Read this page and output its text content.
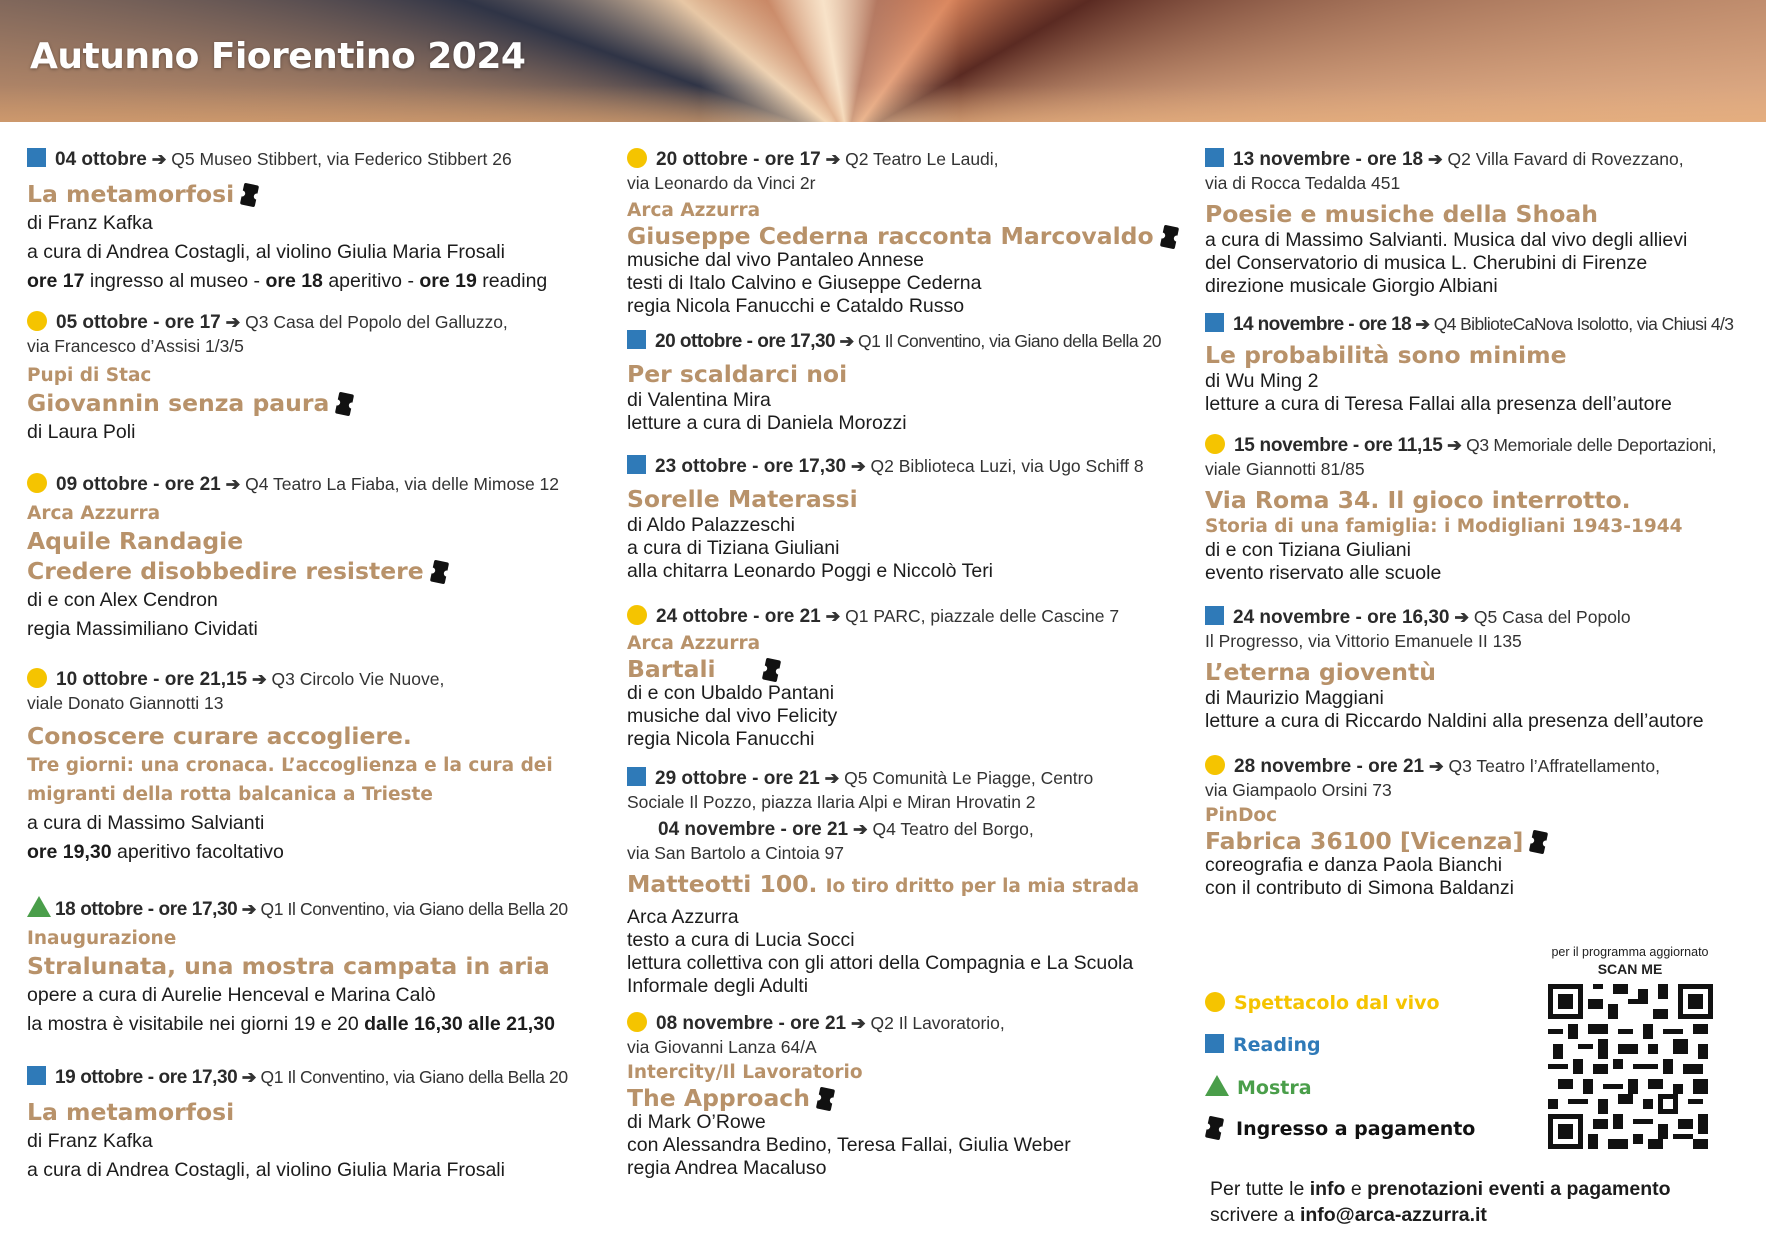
Autunno Fiorentino 2024
04 ottobre ➔ Q5 Museo Stibbert, via Federico Stibbert 26
La metamorfosi
di Franz Kafka
a cura di Andrea Costagli, al violino Giulia Maria Frosali
ore 17 ingresso al museo - ore 18 aperitivo - ore 19 reading
05 ottobre - ore 17 ➔ Q3 Casa del Popolo del Galluzzo,
via Francesco d’Assisi 1/3/5
Pupi di Stac
Giovannin senza paura
di Laura Poli
09 ottobre - ore 21 ➔ Q4 Teatro La Fiaba, via delle Mimose 12
Arca Azzurra
Aquile Randagie
Credere disobbedire resistere
di e con Alex Cendron
regia Massimiliano Cividati
10 ottobre - ore 21,15 ➔ Q3 Circolo Vie Nuove,
viale Donato Giannotti 13
Conoscere curare accogliere.
Tre giorni: una cronaca. L’accoglienza e la cura dei
migranti della rotta balcanica a Trieste
a cura di Massimo Salvianti
ore 19,30 aperitivo facoltativo
18 ottobre - ore 17,30 ➔ Q1 Il Conventino, via Giano della Bella 20
Inaugurazione
Stralunata, una mostra campata in aria
opere a cura di Aurelie Henceval e Marina Calò
la mostra è visitabile nei giorni 19 e 20 dalle 16,30 alle 21,30
19 ottobre - ore 17,30 ➔ Q1 Il Conventino, via Giano della Bella 20
La metamorfosi
di Franz Kafka
a cura di Andrea Costagli, al violino Giulia Maria Frosali
20 ottobre - ore 17 ➔ Q2 Teatro Le Laudi,
via Leonardo da Vinci 2r
Arca Azzurra
Giuseppe Cederna racconta Marcovaldo
musiche dal vivo Pantaleo Annese
testi di Italo Calvino e Giuseppe Cederna
regia Nicola Fanucchi e Cataldo Russo
20 ottobre - ore 17,30 ➔ Q1 Il Conventino, via Giano della Bella 20
Per scaldarci noi
di Valentina Mira
letture a cura di Daniela Morozzi
23 ottobre - ore 17,30 ➔ Q2 Biblioteca Luzi, via Ugo Schiff 8
Sorelle Materassi
di Aldo Palazzeschi
a cura di Tiziana Giuliani
alla chitarra Leonardo Poggi e Niccolò Teri
24 ottobre - ore 21 ➔ Q1 PARC, piazzale delle Cascine 7
Arca Azzurra
Bartali
di e con Ubaldo Pantani
musiche dal vivo Felicity
regia Nicola Fanucchi
29 ottobre - ore 21 ➔ Q5 Comunità Le Piagge, Centro
Sociale Il Pozzo, piazza Ilaria Alpi e Miran Hrovatin 2
04 novembre - ore 21 ➔ Q4 Teatro del Borgo,
via San Bartolo a Cintoia 97
Matteotti 100. Io tiro dritto per la mia strada
Arca Azzurra
testo a cura di Lucia Socci
lettura collettiva con gli attori della Compagnia e La Scuola
Informale degli Adulti
08 novembre - ore 21 ➔ Q2 Il Lavoratorio,
via Giovanni Lanza 64/A
Intercity/Il Lavoratorio
The Approach
di Mark O’Rowe
con Alessandra Bedino, Teresa Fallai, Giulia Weber
regia Andrea Macaluso
13 novembre - ore 18 ➔ Q2 Villa Favard di Rovezzano,
via di Rocca Tedalda 451
Poesie e musiche della Shoah
a cura di Massimo Salvianti. Musica dal vivo degli allievi
del Conservatorio di musica L. Cherubini di Firenze
direzione musicale Giorgio Albiani
14 novembre - ore 18 ➔ Q4 BiblioteCaNova Isolotto, via Chiusi 4/3
Le probabilità sono minime
di Wu Ming 2
letture a cura di Teresa Fallai alla presenza dell’autore
15 novembre - ore 11,15 ➔ Q3 Memoriale delle Deportazioni,
viale Giannotti 81/85
Via Roma 34. Il gioco interrotto.
Storia di una famiglia: i Modigliani 1943-1944
di e con Tiziana Giuliani
evento riservato alle scuole
24 novembre - ore 16,30 ➔ Q5 Casa del Popolo
Il Progresso, via Vittorio Emanuele II 135
L’eterna gioventù
di Maurizio Maggiani
letture a cura di Riccardo Naldini alla presenza dell’autore
28 novembre - ore 21 ➔ Q3 Teatro l’Affratellamento,
via Giampaolo Orsini 73
PinDoc
Fabrica 36100 [Vicenza]
coreografia e danza Paola Bianchi
con il contributo di Simona Baldanzi
Spettacolo dal vivo
Reading
Mostra
Ingresso a pagamento
per il programma aggiornato
SCAN ME
Per tutte le info e prenotazioni eventi a pagamento
scrivere a info@arca-azzurra.it
